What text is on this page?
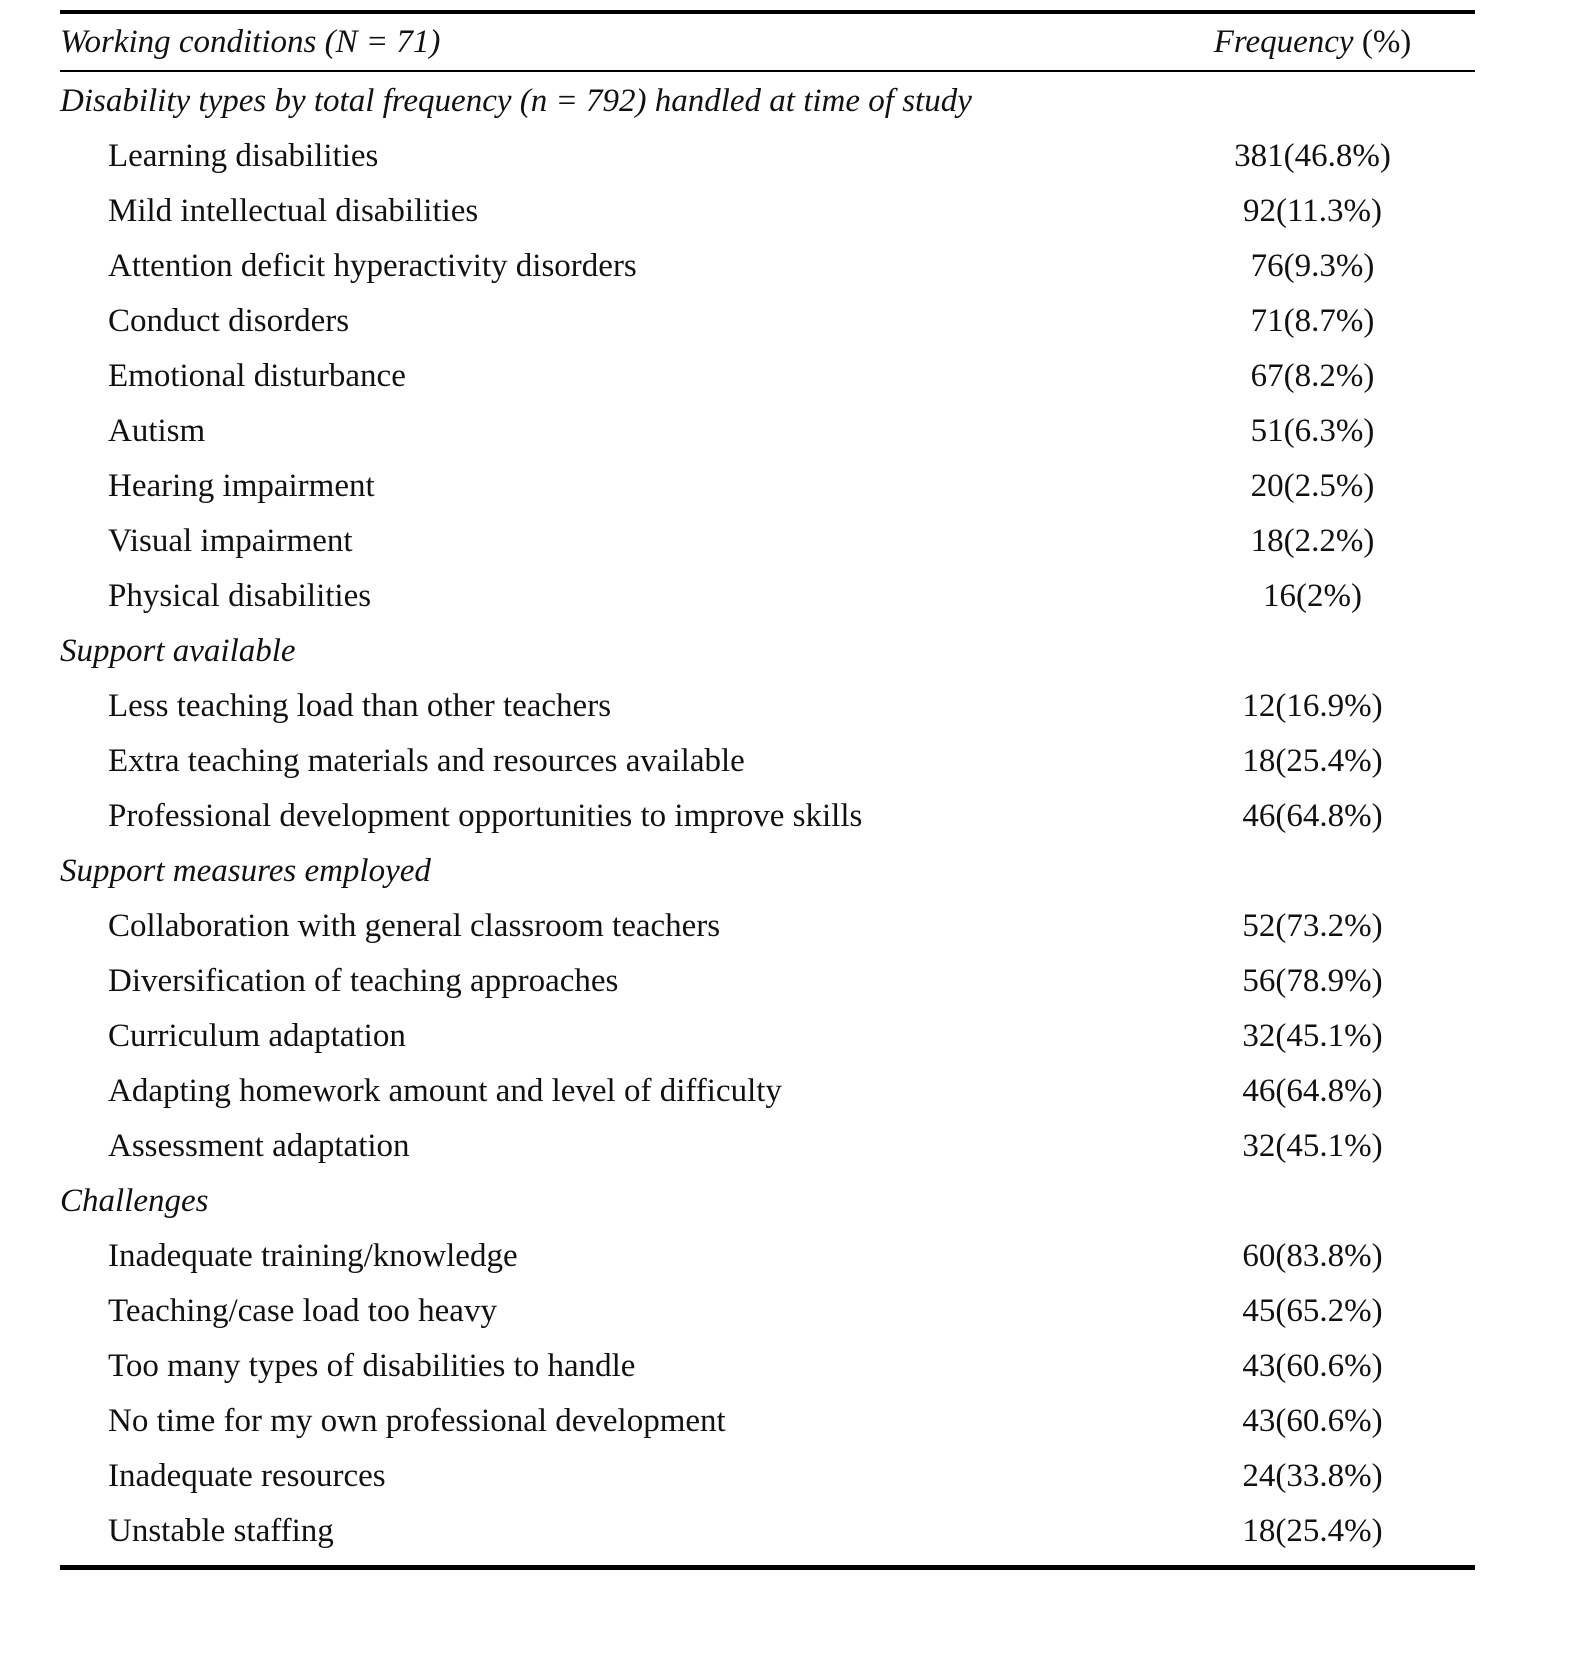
Working conditions (N = 71)	Frequency (%)
Disability types by total frequency (n = 792) handled at time of study
Learning disabilities	381(46.8%)
Mild intellectual disabilities	92(11.3%)
Attention deficit hyperactivity disorders	76(9.3%)
Conduct disorders	71(8.7%)
Emotional disturbance	67(8.2%)
Autism	51(6.3%)
Hearing impairment	20(2.5%)
Visual impairment	18(2.2%)
Physical disabilities	16(2%)
Support available
Less teaching load than other teachers	12(16.9%)
Extra teaching materials and resources available	18(25.4%)
Professional development opportunities to improve skills	46(64.8%)
Support measures employed
Collaboration with general classroom teachers	52(73.2%)
Diversification of teaching approaches	56(78.9%)
Curriculum adaptation	32(45.1%)
Adapting homework amount and level of difficulty	46(64.8%)
Assessment adaptation	32(45.1%)
Challenges
Inadequate training/knowledge	60(83.8%)
Teaching/case load too heavy	45(65.2%)
Too many types of disabilities to handle	43(60.6%)
No time for my own professional development	43(60.6%)
Inadequate resources	24(33.8%)
Unstable staffing	18(25.4%)
